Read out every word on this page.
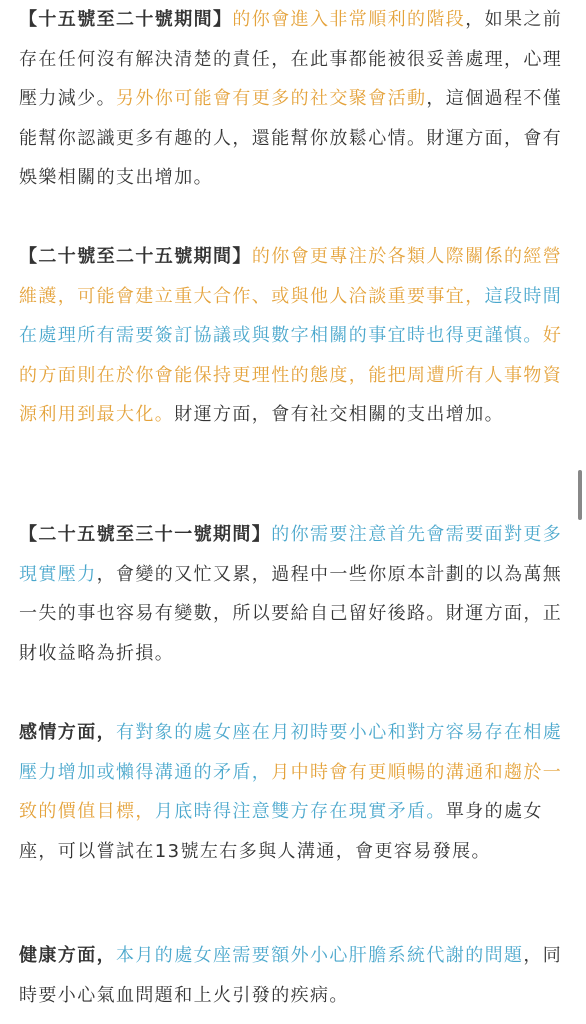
【十五號至二十號期間】的你會進入非常順利的階段，如果之前存在任何沒有解決清楚的責任，在此事都能被很妥善處理，心理壓力減少。另外你可能會有更多的社交聚會活動，這個過程不僅能幫你認識更多有趣的人，還能幫你放鬆心情。財運方面，會有娛樂相關的支出增加。

【二十號至二十五號期間】的你會更專注於各類人際關係的經營維護，可能會建立重大合作、或與他人洽談重要事宜，這段時間在處理所有需要簽訂協議或與數字相關的事宜時也得更謹慎。好的方面則在於你會能保持更理性的態度，能把周遭所有人事物資源利用到最大化。財運方面，會有社交相關的支出增加。

【二十五號至三十一號期間】的你需要注意首先會需要面對更多現實壓力，會變的又忙又累，過程中一些你原本計劃的以為萬無一失的事也容易有變數，所以要給自己留好後路。財運方面，正財收益略為折損。

感情方面，有對象的處女座在月初時要小心和對方容易存在相處壓力增加或懶得溝通的矛盾，月中時會有更順暢的溝通和趨於一致的價值目標，月底時得注意雙方存在現實矛盾。單身的處女座，可以嘗試在13號左右多與人溝通，會更容易發展。

健康方面，本月的處女座需要額外小心肝膽系統代謝的問題，同時要小心氣血問題和上火引發的疾病。
